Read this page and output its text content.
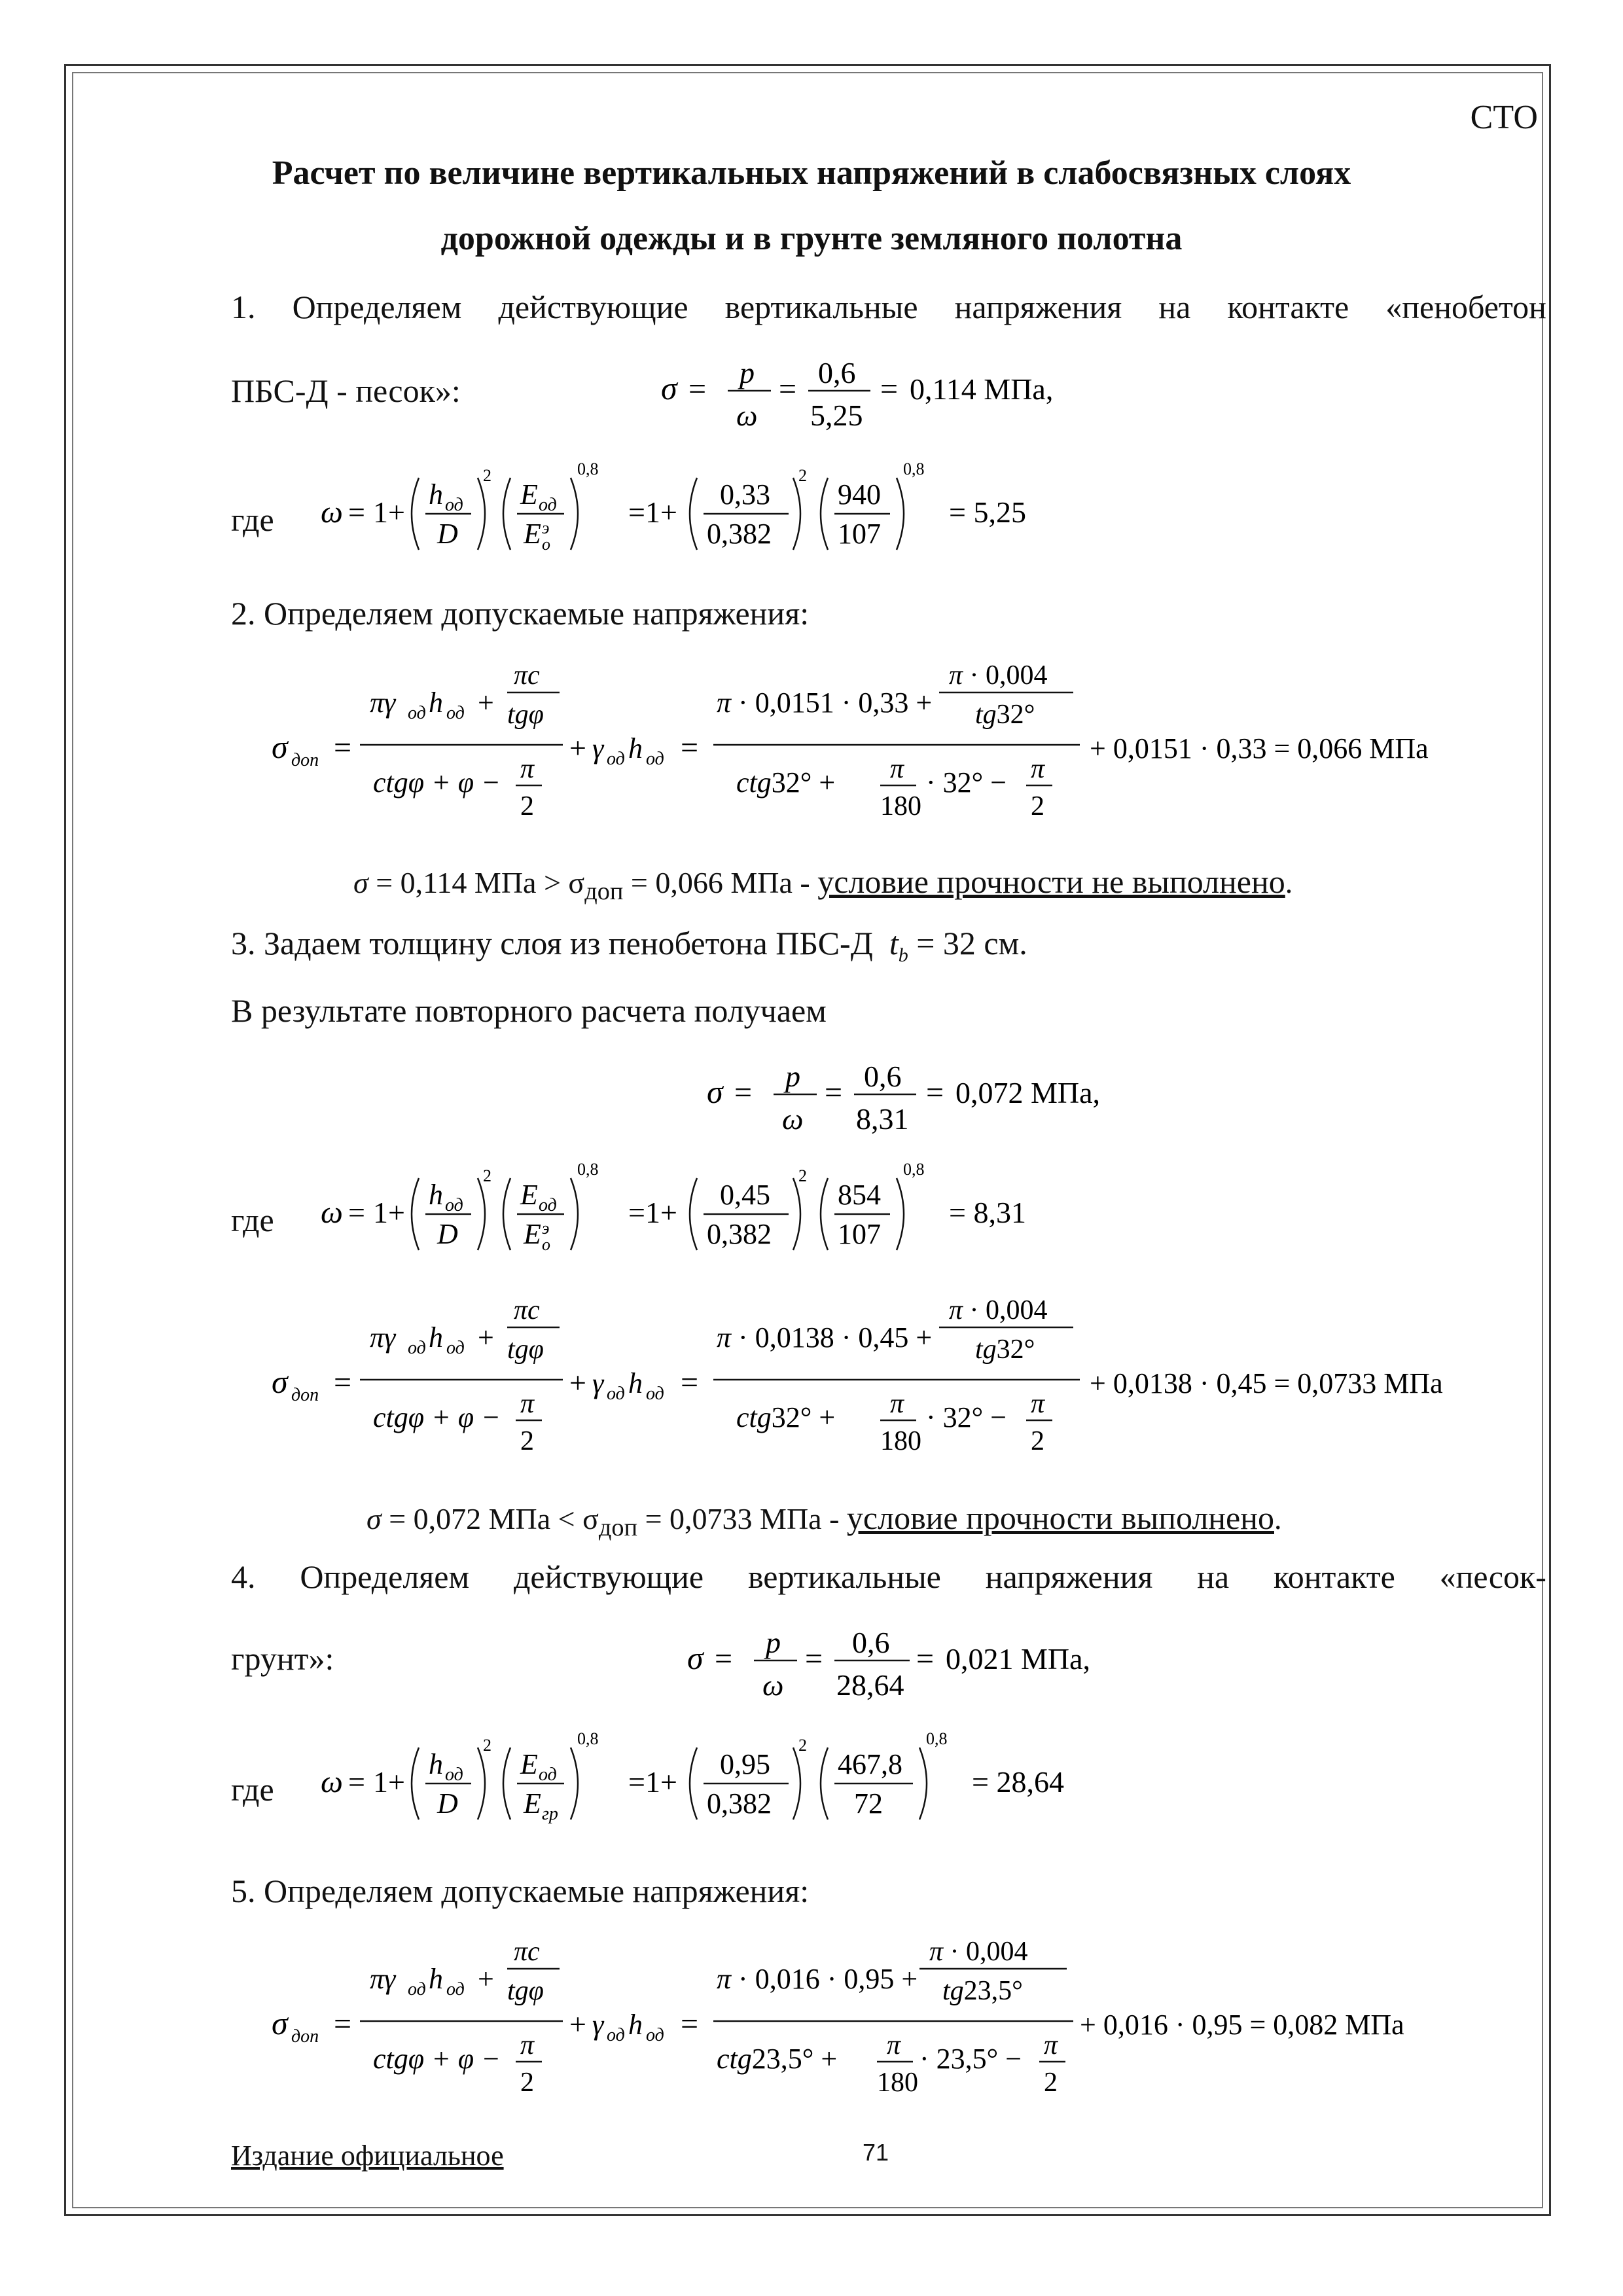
СТО
Расчет по величине вертикальных напряжений в слабосвязных слоях
дорожной одежды и в грунте земляного полотна
1. Определяем действующие вертикальные напряжения на контакте «пенобетон
ПБС-Д - песок»:	σ = p
ω
= 0,6
5,25
= 0,114 МПа,
где ω = 1+
h од
D
2
E од
E э
о
0,8
=1+
0,33
0,382
2
940
107
0,8
= 5,25
2. Определяем допускаемые напряжения:
σ доп =
πγ од h од +
πc
tgφ
ctgφ + φ − π
2
+ γ од h од =
π · 0,0151 · 0,33 +
π · 0,004
tg32°
ctg32° + π
180
· 32° − π
2
+ 0,0151 · 0,33 = 0,066 МПа
σ = 0,114 МПа > $\sigma_{доп} = 0,066$ МПа - условие прочности не выполнено.
3. Задаем толщину слоя из пенобетона ПБС-Д $t_b = 32$ см.
В результате повторного расчета получаем
σ = p
ω
= 0,6
8,31
= 0,072 МПа,
где ω = 1+
h од
D
2
E од
E э
о
0,8
=1+
0,45
0,382
2
854
107
0,8
= 8,31
σ доп =
πγ од h од +
πc
tgφ
ctgφ + φ − π
2
+ γ од h од =
π · 0,0138 · 0,45 +
π · 0,004
tg32°
ctg32° + π
180
· 32° − π
2
+ 0,0138 · 0,45 = 0,0733 МПа
σ = 0,072 МПа < $\sigma_{доп} = 0,0733$ МПа - условие прочности выполнено.
4. Определяем действующие вертикальные напряжения на контакте «песок-
грунт»:	σ = p
ω
= 0,6
28,64
= 0,021 МПа,
где ω = 1+
h од
D
2
E од
E гр
0,8
=1+
0,95
0,382
2
467,8
72
0,8
= 28,64
5. Определяем допускаемые напряжения:
σ доп =
πγ од h од +
πc
tgφ
ctgφ + φ − π
2
+ γ од h од =
π · 0,016 · 0,95 +
π · 0,004
tg23,5°
ctg23,5° + π
180
· 23,5° − π
2
+ 0,016 · 0,95 = 0,082 МПа
Издание официальное	71
